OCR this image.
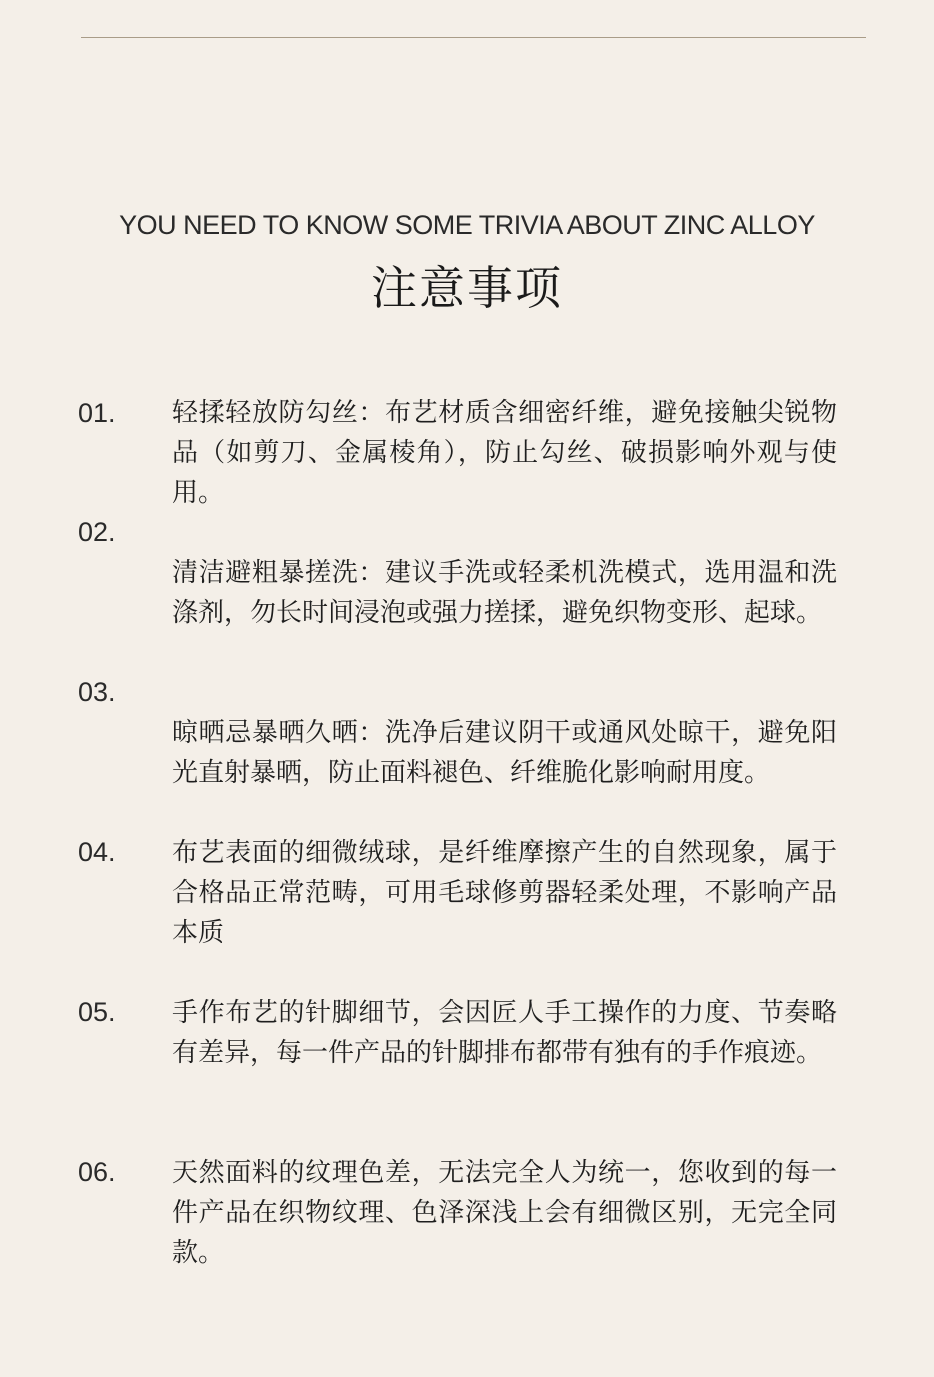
YOU NEED TO KNOW SOME TRIVIA ABOUT ZINC ALLOY
注意事项
01. 轻揉轻放防勾丝：布艺材质含细密纤维，避免接触尖锐物品（如剪刀、金属棱角），防止勾丝、破损影响外观与使用。
02.
清洁避粗暴搓洗：建议手洗或轻柔机洗模式，选用温和洗涤剂，勿长时间浸泡或强力搓揉，避免织物变形、起球。
03.
晾晒忌暴晒久晒：洗净后建议阴干或通风处晾干，避免阳光直射暴晒，防止面料褪色、纤维脆化影响耐用度。
04. 布艺表面的细微绒球，是纤维摩擦产生的自然现象，属于合格品正常范畴，可用毛球修剪器轻柔处理，不影响产品本质
05. 手作布艺的针脚细节，会因匠人手工操作的力度、节奏略有差异，每一件产品的针脚排布都带有独有的手作痕迹。
06. 天然面料的纹理色差，无法完全人为统一，您收到的每一件产品在织物纹理、色泽深浅上会有细微区别，无完全同款。
